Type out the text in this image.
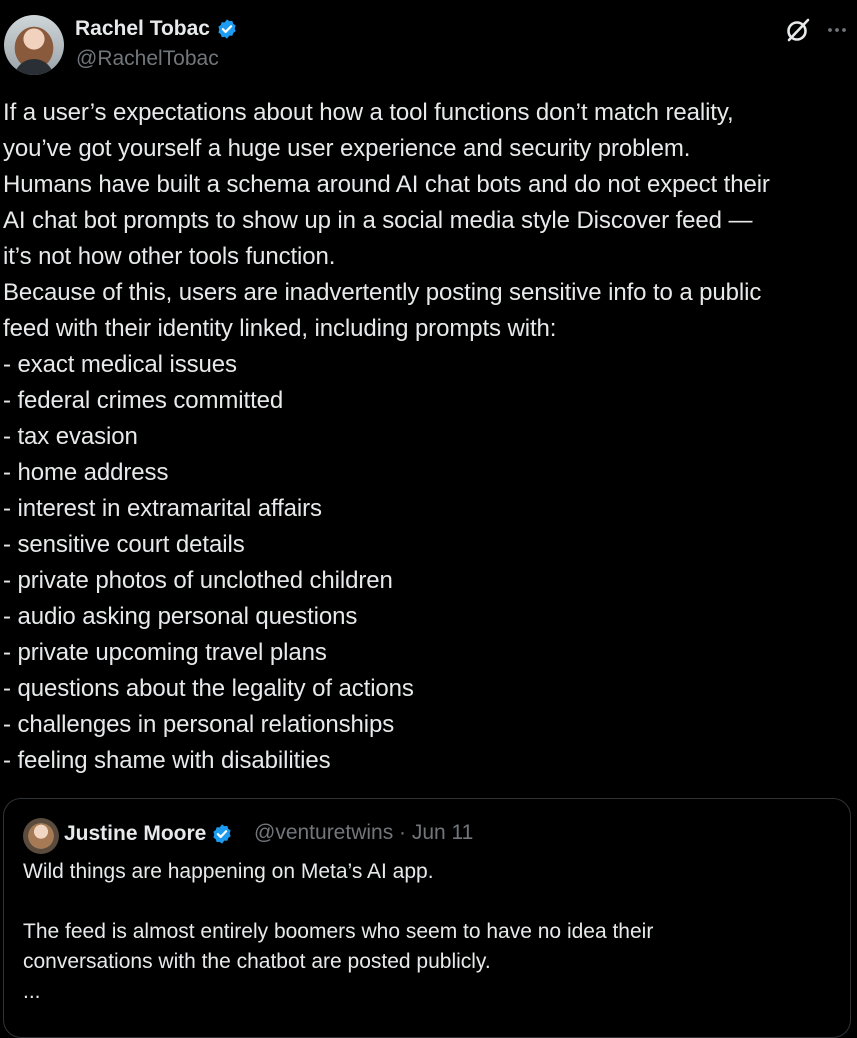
Rachel Tobac
@RachelTobac

If a user’s expectations about how a tool functions don’t match reality,

you’ve got yourself a huge user experience and security problem.

Humans have built a schema around AI chat bots and do not expect their

AI chat bot prompts to show up in a social media style Discover feed —

it’s not how other tools function.

Because of this, users are inadvertently posting sensitive info to a public

feed with their identity linked, including prompts with:

- exact medical issues

- federal crimes committed

- tax evasion

- home address

- interest in extramarital affairs

- sensitive court details

- private photos of unclothed children

- audio asking personal questions

- private upcoming travel plans

- questions about the legality of actions

- challenges in personal relationships

- feeling shame with disabilities

Justine Moore @venturetwins · Jun 11

Wild things are happening on Meta’s AI app.

The feed is almost entirely boomers who seem to have no idea their

conversations with the chatbot are posted publicly.

...
